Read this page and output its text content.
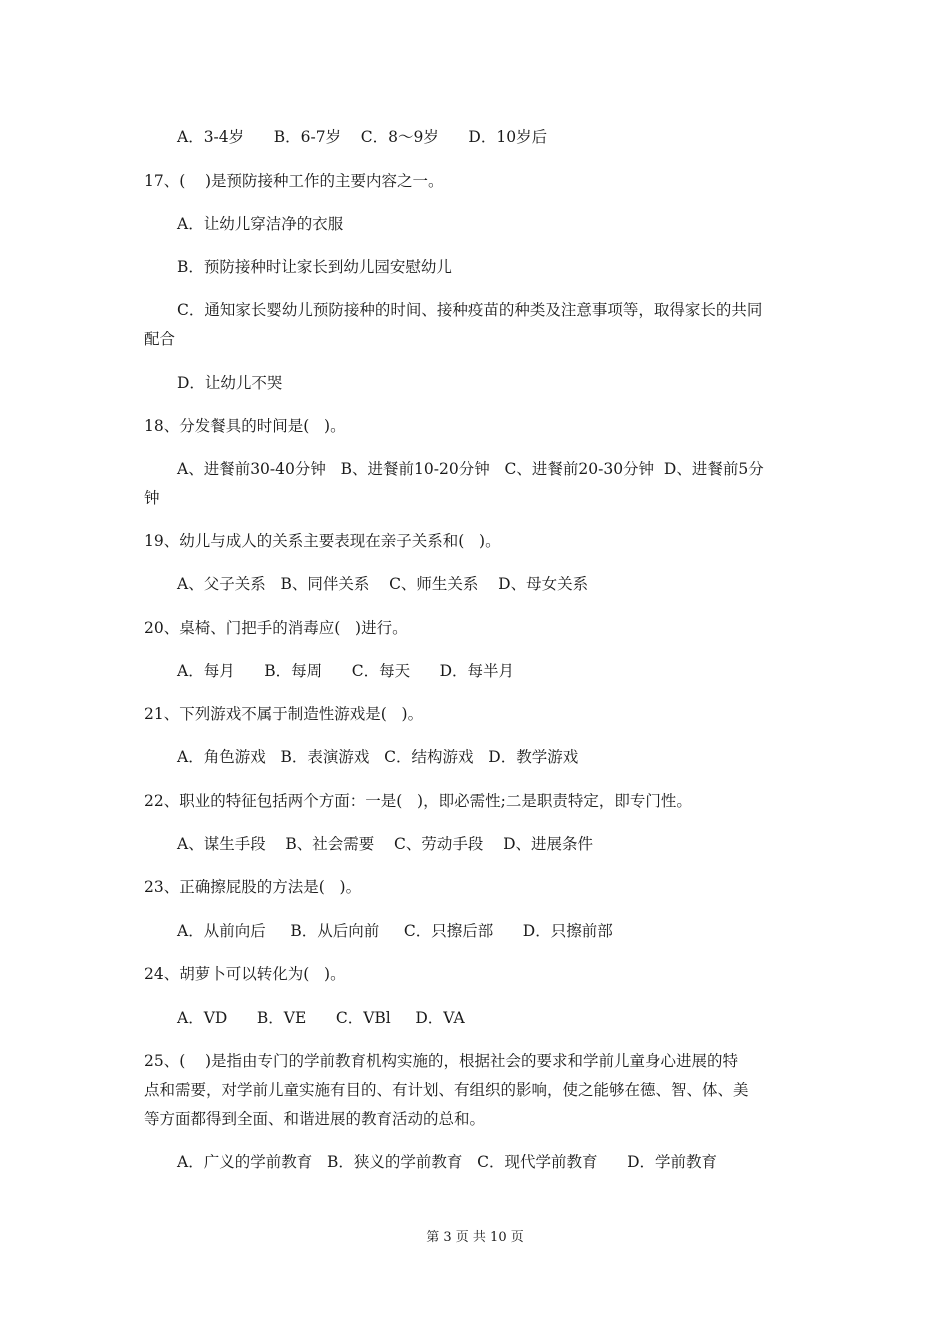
A．3-4岁      B．6-7岁    C．8～9岁      D．10岁后
17、(    )是预防接种工作的主要内容之一。
A．让幼儿穿洁净的衣服
B．预防接种时让家长到幼儿园安慰幼儿
C．通知家长婴幼儿预防接种的时间、接种疫苗的种类及注意事项等，取得家长的共同
配合
D．让幼儿不哭
18、分发餐具的时间是(   )。
A、进餐前30-40分钟   B、进餐前10-20分钟   C、进餐前20-30分钟  D、进餐前5分
钟
19、幼儿与成人的关系主要表现在亲子关系和(   )。
A、父子关系   B、同伴关系    C、师生关系    D、母女关系
20、桌椅、门把手的消毒应(   )进行。
A．每月      B．每周      C．每天      D．每半月
21、下列游戏不属于制造性游戏是(   )。
A．角色游戏   B．表演游戏   C．结构游戏   D．教学游戏
22、职业的特征包括两个方面：一是(   )，即必需性;二是职责特定，即专门性。
A、谋生手段    B、社会需要    C、劳动手段    D、进展条件
23、正确擦屁股的方法是(   )。
A．从前向后     B．从后向前     C．只擦后部      D．只擦前部
24、胡萝卜可以转化为(   )。
A．VD      B．VE      C．VBl     D．VA
25、(    )是指由专门的学前教育机构实施的，根据社会的要求和学前儿童身心进展的特
点和需要，对学前儿童实施有目的、有计划、有组织的影响，使之能够在德、智、体、美
等方面都得到全面、和谐进展的教育活动的总和。
A．广义的学前教育   B．狭义的学前教育   C．现代学前教育      D．学前教育
第 3 页 共 10 页
